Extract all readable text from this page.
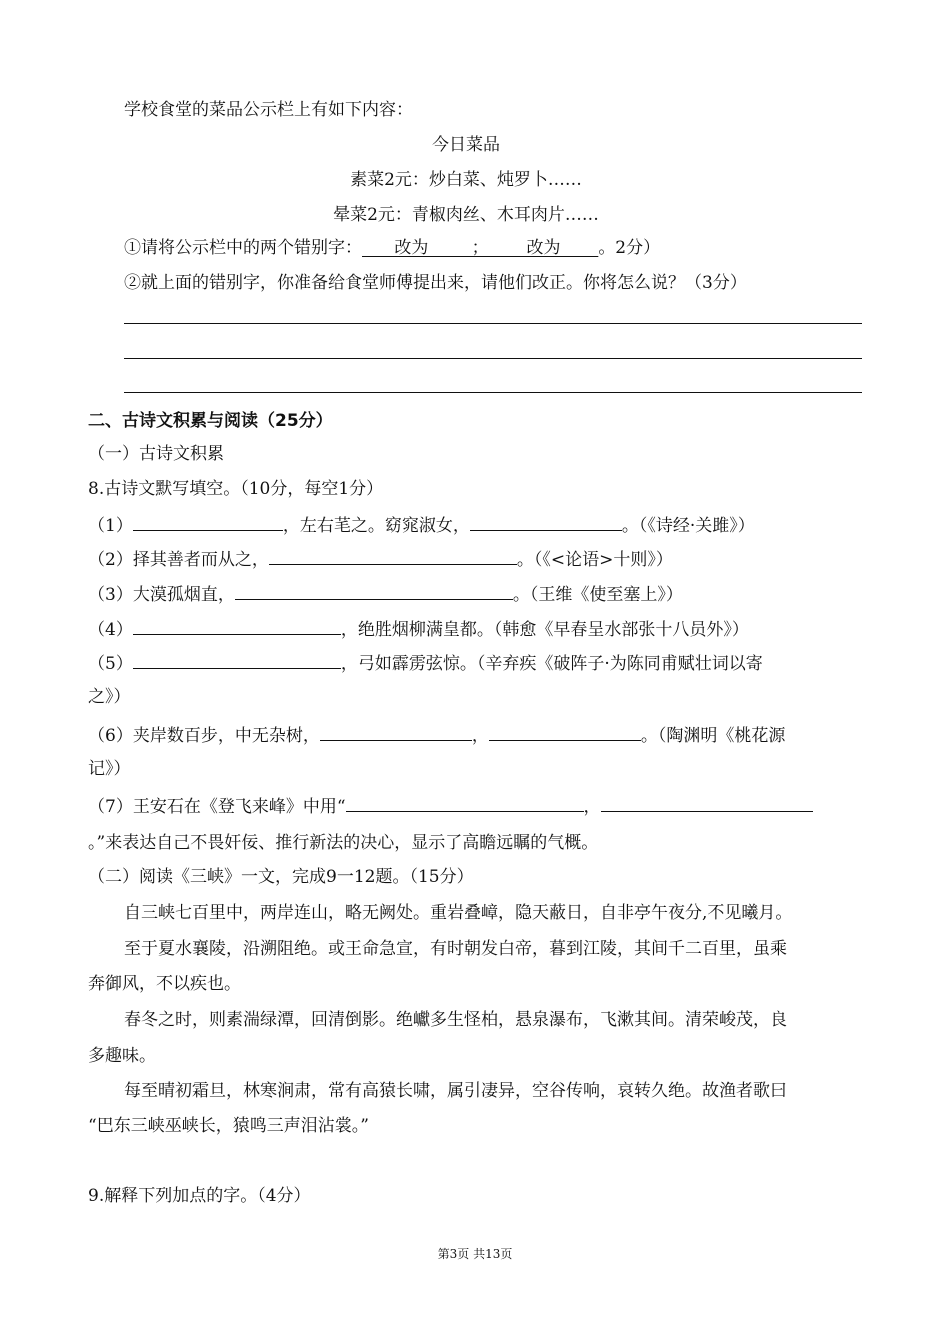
学校食堂的菜品公示栏上有如下内容：
今日菜品
素菜2元：炒白菜、炖罗卜……
晕菜2元：青椒肉丝、木耳肉片……
①请将公示栏中的两个错别字：      改为        ；       改为       。2分）
②就上面的错别字，你准备给食堂师傅提出来，请他们改正。你将怎么说？（3分）
二、古诗文积累与阅读（25分）
（一）古诗文积累
8.古诗文默写填空。（10分，每空1分）
（1）	，左右芼之。窈窕淑女，	。（《诗经·关雎》）
（2）择其善者而从之，	。（《<论语>十则》）
（3）大漠孤烟直，	。（王维《使至塞上》）
（4）	，绝胜烟柳满皇都。（韩愈《早春呈水部张十八员外》）
（5）	，弓如霹雳弦惊。（辛弃疾《破阵子·为陈同甫赋壮词以寄
之》）
（6）夹岸数百步，中无杂树，	，	。（陶渊明《桃花源
记》）
（7）王安石在《登飞来峰》中用“	，
。”来表达自己不畏奸佞、推行新法的决心，显示了高瞻远瞩的气概。
（二）阅读《三峡》一文，完成9一12题。（15分）
自三峡七百里中，两岸连山，略无阙处。重岩叠嶂，隐天蔽日，自非亭午夜分,不见曦月。
至于夏水襄陵，沿溯阻绝。或王命急宣，有时朝发白帝，暮到江陵，其间千二百里，虽乘
奔御风，不以疾也。
春冬之时，则素湍绿潭，回清倒影。绝巘多生怪柏，悬泉瀑布，飞漱其间。清荣峻茂，良
多趣味。
每至晴初霜旦，林寒涧肃，常有高猿长啸，属引凄异，空谷传响，哀转久绝。故渔者歌曰
“巴东三峡巫峡长，猿鸣三声泪沾裳。”
9.解释下列加点的字。（4分）
第3页 共13页
